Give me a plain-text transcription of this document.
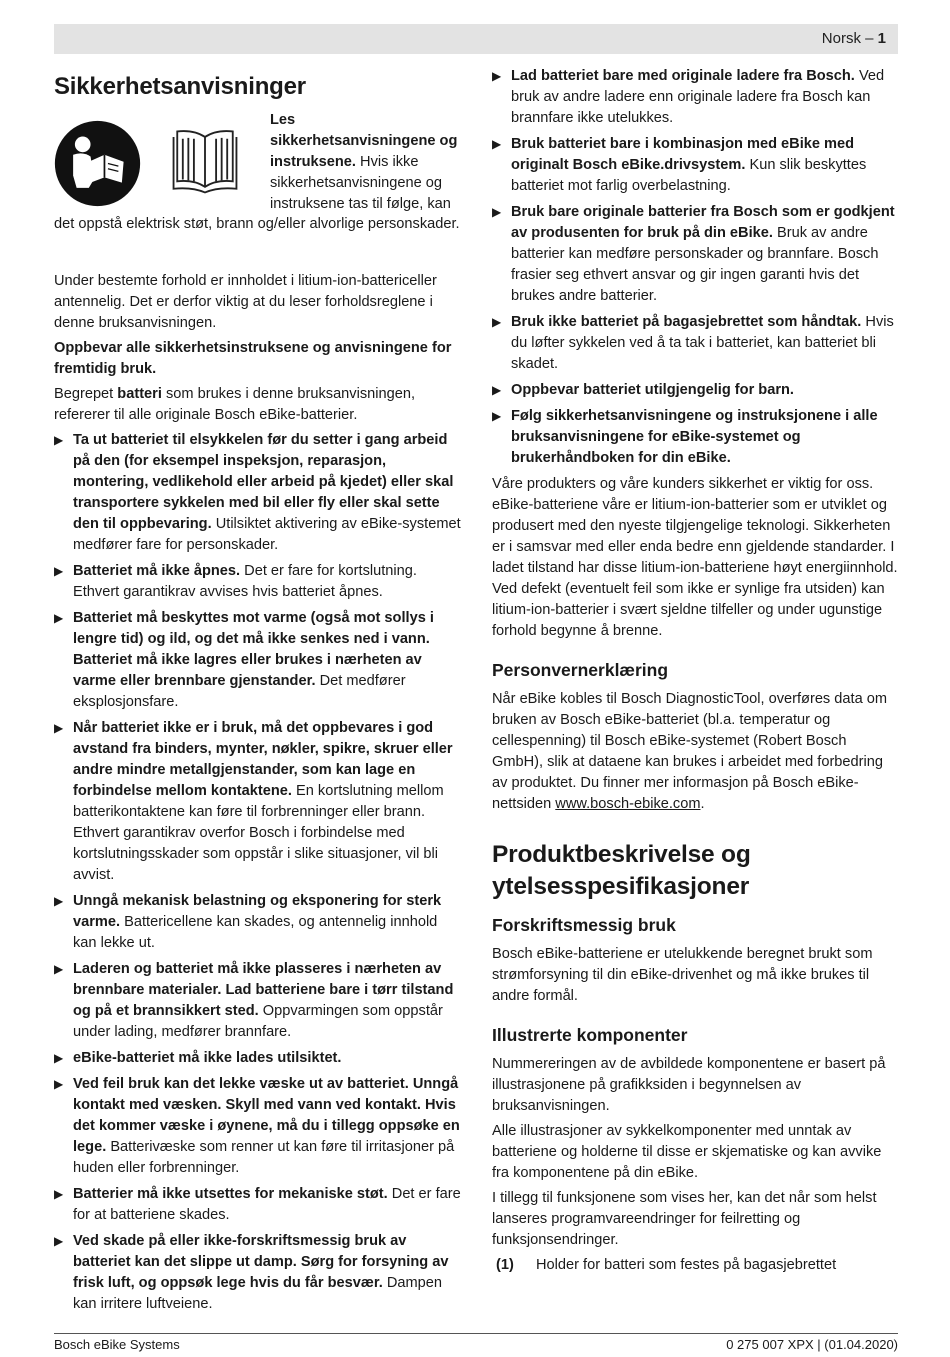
Norsk – 1
Sikkerhetsanvisninger
Les sikkerhetsanvisningene og instruksene. Hvis ikke sikkerhetsanvisningene og instruksene tas til følge, kan
det oppstå elektrisk støt, brann og/eller alvorlige personskader.

Under bestemte forhold er innholdet i litium-ion-battericeller antennelig. Det er derfor viktig at du leser forholdsreglene i denne bruksanvisningen.

Oppbevar alle sikkerhetsinstruksene og anvisningene for fremtidig bruk.

Begrepet batteri som brukes i denne bruksanvisningen, refererer til alle originale Bosch eBike-batterier.

▶ Ta ut batteriet til elsykkelen før du setter i gang arbeid på den (for eksempel inspeksjon, reparasjon, montering, vedlikehold eller arbeid på kjedet) eller skal transportere sykkelen med bil eller fly eller skal sette den til oppbevaring. Utilsiktet aktivering av eBike-systemet medfører fare for personskader.
▶ Batteriet må ikke åpnes. Det er fare for kortslutning. Ethvert garantikrav avvises hvis batteriet åpnes.
▶ Batteriet må beskyttes mot varme (også mot sollys i lengre tid) og ild, og det må ikke senkes ned i vann. Batteriet må ikke lagres eller brukes i nærheten av varme eller brennbare gjenstander. Det medfører eksplosjonsfare.
▶ Når batteriet ikke er i bruk, må det oppbevares i god avstand fra binders, mynter, nøkler, spikre, skruer eller andre mindre metallgjenstander, som kan lage en forbindelse mellom kontaktene. En kortslutning mellom batterikontaktene kan føre til forbrenninger eller brann. Ethvert garantikrav overfor Bosch i forbindelse med kortslutningsskader som oppstår i slike situasjoner, vil bli avvist.
▶ Unngå mekanisk belastning og eksponering for sterk varme. Battericellene kan skades, og antennelig innhold kan lekke ut.
▶ Laderen og batteriet må ikke plasseres i nærheten av brennbare materialer. Lad batteriene bare i tørr tilstand og på et brannsikkert sted. Oppvarmingen som oppstår under lading, medfører brannfare.
▶ eBike-batteriet må ikke lades utilsiktet.
▶ Ved feil bruk kan det lekke væske ut av batteriet. Unngå kontakt med væsken. Skyll med vann ved kontakt. Hvis det kommer væske i øynene, må du i tillegg oppsøke en lege. Batterivæske som renner ut kan føre til irritasjoner på huden eller forbrenninger.
▶ Batterier må ikke utsettes for mekaniske støt. Det er fare for at batteriene skades.
▶ Ved skade på eller ikke-forskriftsmessig bruk av batteriet kan det slippe ut damp. Sørg for forsyning av frisk luft, og oppsøk lege hvis du får besvær. Dampen kan irritere luftveiene.
▶ Lad batteriet bare med originale ladere fra Bosch. Ved bruk av andre ladere enn originale ladere fra Bosch kan brannfare ikke utelukkes.
▶ Bruk batteriet bare i kombinasjon med eBike med originalt Bosch eBike.drivsystem. Kun slik beskyttes batteriet mot farlig overbelastning.
▶ Bruk bare originale batterier fra Bosch som er godkjent av produsenten for bruk på din eBike. Bruk av andre batterier kan medføre personskader og brannfare. Bosch frasier seg ethvert ansvar og gir ingen garanti hvis det brukes andre batterier.
▶ Bruk ikke batteriet på bagasjebrettet som håndtak. Hvis du løfter sykkelen ved å ta tak i batteriet, kan batteriet bli skadet.
▶ Oppbevar batteriet utilgjengelig for barn.
▶ Følg sikkerhetsanvisningene og instruksjonene i alle bruksanvisningene for eBike-systemet og brukerhåndboken for din eBike.

Våre produkters og våre kunders sikkerhet er viktig for oss. eBike-batteriene våre er litium-ion-batterier som er utviklet og produsert med den nyeste tilgjengelige teknologi. Sikkerheten er i samsvar med eller enda bedre enn gjeldende standarder. I ladet tilstand har disse litium-ion-batteriene høyt energiinnhold. Ved defekt (eventuelt feil som ikke er synlige fra utsiden) kan litium-ion-batterier i svært sjeldne tilfeller og under ugunstige forhold begynne å brenne.

Personvernerklæring

Når eBike kobles til Bosch DiagnosticTool, overføres data om bruken av Bosch eBike-batteriet (bl.a. temperatur og cellespenning) til Bosch eBike-systemet (Robert Bosch GmbH), slik at dataene kan brukes i arbeidet med forbedring av produktet. Du finner mer informasjon på Bosch eBike-nettsiden www.bosch-ebike.com.

Produktbeskrivelse og ytelsesspesifikasjoner
Forskriftsmessig bruk

Bosch eBike-batteriene er utelukkende beregnet brukt som strømforsyning til din eBike-drivenhet og må ikke brukes til andre formål.

Illustrerte komponenter

Nummereringen av de avbildede komponentene er basert på illustrasjonene på grafikksiden i begynnelsen av bruksanvisningen.

Alle illustrasjoner av sykkelkomponenter med unntak av batteriene og holderne til disse er skjematiske og kan avvike fra komponentene på din eBike.

I tillegg til funksjonene som vises her, kan det når som helst lanseres programvareendringer for feilretting og funksjonsendringer.

(1) Holder for batteri som festes på bagasjebrettet
Bosch eBike Systems	0 275 007 XPX | (01.04.2020)
